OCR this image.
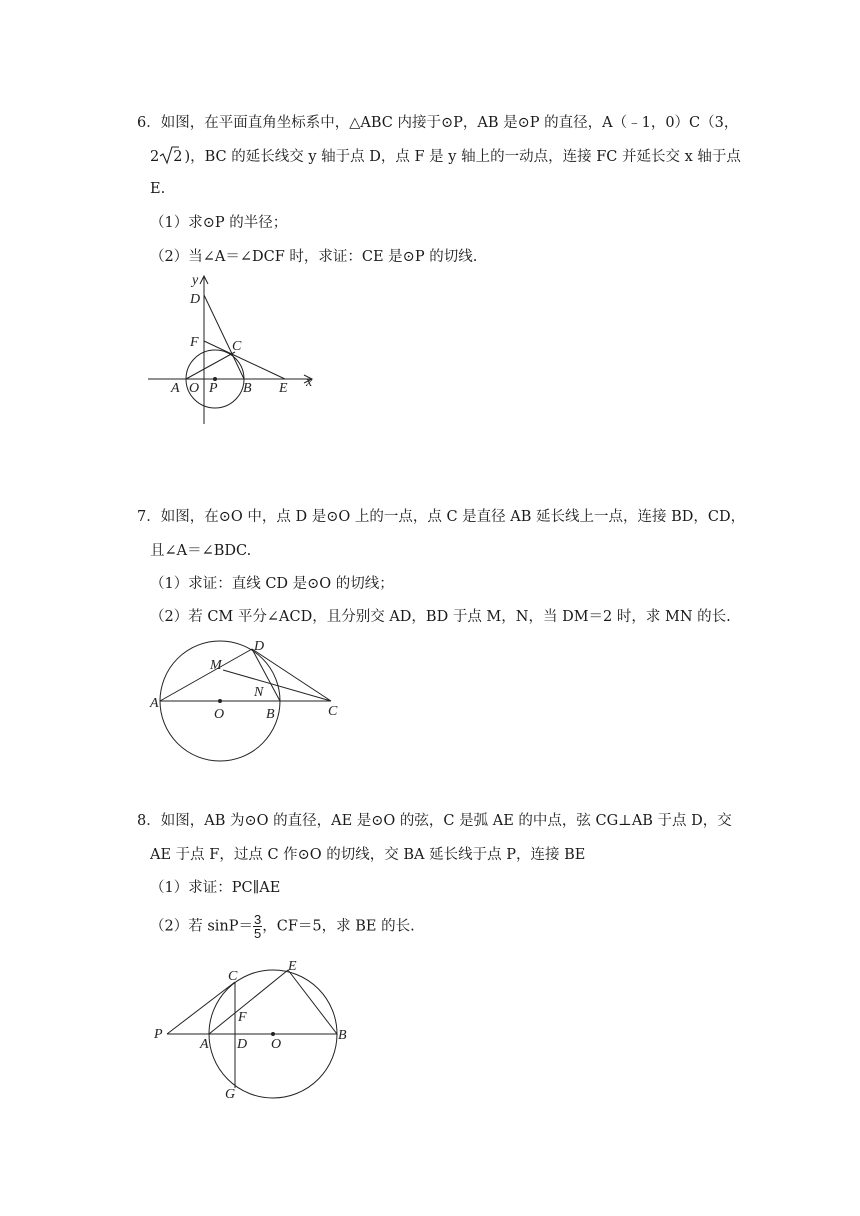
6．如图，在平面直角坐标系中，△ABC 内接于⊙P，AB 是⊙P 的直径，A（﹣1，0）C（3，
2 2 )，BC 的延长线交 y 轴于点 D，点 F 是 y 轴上的一动点，连接 FC 并延长交 x 轴于点
E.
（1）求⊙P 的半径；
（2）当∠A＝∠DCF 时，求证：CE 是⊙P 的切线.
y
x
D
F C
A O P B E
7．如图，在⊙O 中，点 D 是⊙O 上的一点，点 C 是直径 AB 延长线上一点，连接 BD，CD，
且∠A＝∠BDC.
（1）求证：直线 CD 是⊙O 的切线；
（2）若 CM 平分∠ACD，且分别交 AD，BD 于点 M，N，当 DM＝2 时，求 MN 的长.
D
M
N
A
O	B	C
8．如图，AB 为⊙O 的直径，AE 是⊙O 的弦，C 是弧 AE 的中点，弦 CG⊥AB 于点 D，交
AE 于点 F，过点 C 作⊙O 的切线，交 BA 延长线于点 P，连接 BE
（1）求证：PC∥AE
（2）若 $\sin P= \frac{3}{5}$ ，CF＝5，求 BE 的长.
C
E
F
P
A D O
B
G
